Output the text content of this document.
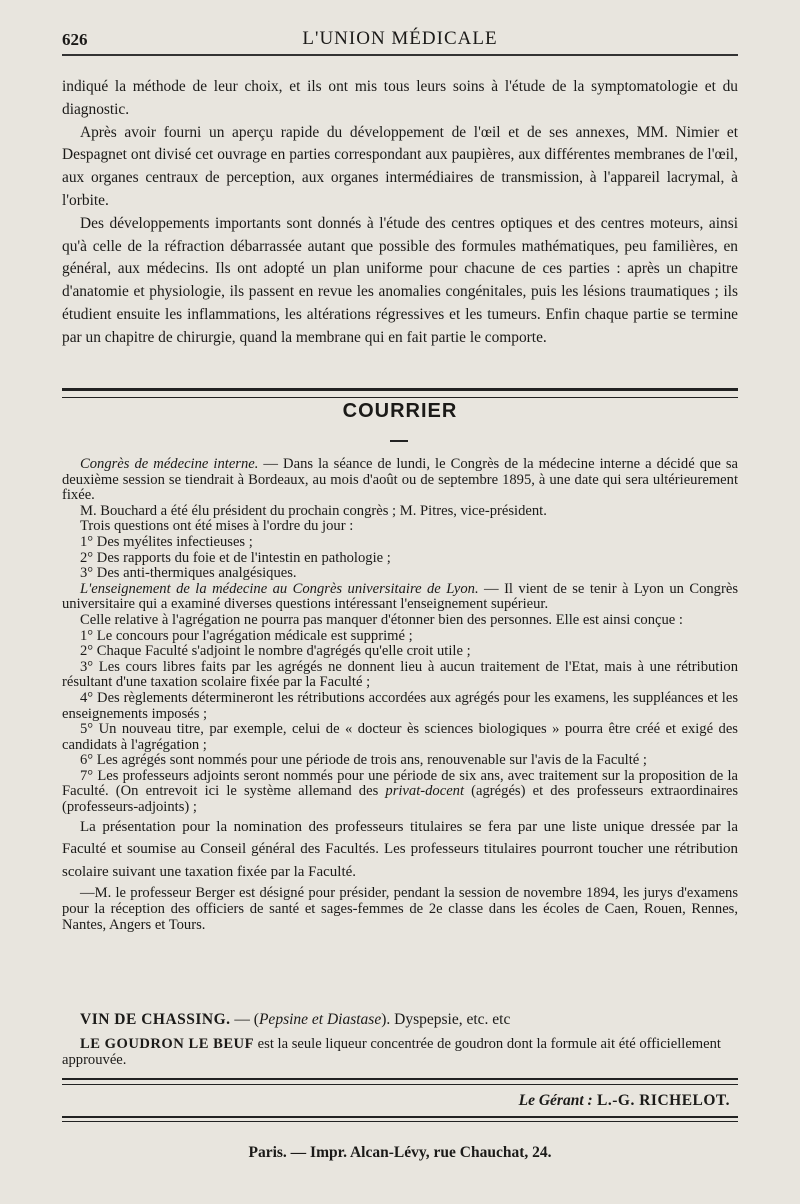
626	L'UNION MÉDICALE

indiqué la méthode de leur choix, et ils ont mis tous leurs soins à l'étude de la symptomatologie et du diagnostic.

Après avoir fourni un aperçu rapide du développement de l'œil et de ses annexes, MM. Nimier et Despagnet ont divisé cet ouvrage en parties correspondant aux paupières, aux différentes membranes de l'œil, aux organes centraux de perception, aux organes intermédiaires de transmission, à l'appareil lacrymal, à l'orbite.

Des développements importants sont donnés à l'étude des centres optiques et des centres moteurs, ainsi qu'à celle de la réfraction débarrassée autant que possible des formules mathématiques, peu familières, en général, aux médecins. Ils ont adopté un plan uniforme pour chacune de ces parties : après un chapitre d'anatomie et physiologie, ils passent en revue les anomalies congénitales, puis les lésions traumatiques ; ils étudient ensuite les inflammations, les altérations régressives et les tumeurs. Enfin chaque partie se termine par un chapitre de chirurgie, quand la membrane qui en fait partie le comporte.

COURRIER

Congrès de médecine interne. — Dans la séance de lundi, le Congrès de la médecine interne a décidé que sa deuxième session se tiendrait à Bordeaux, au mois d'août ou de septembre 1895, à une date qui sera ultérieurement fixée.

M. Bouchard a été élu président du prochain congrès ; M. Pitres, vice-président.

Trois questions ont été mises à l'ordre du jour :

1° Des myélites infectieuses ;

2° Des rapports du foie et de l'intestin en pathologie ;

3° Des anti-thermiques analgésiques.

L'enseignement de la médecine au Congrès universitaire de Lyon. — Il vient de se tenir à Lyon un Congrès universitaire qui a examiné diverses questions intéressant l'enseignement supérieur.

Celle relative à l'agrégation ne pourra pas manquer d'étonner bien des personnes. Elle est ainsi conçue :

1° Le concours pour l'agrégation médicale est supprimé ;

2° Chaque Faculté s'adjoint le nombre d'agrégés qu'elle croit utile ;

3° Les cours libres faits par les agrégés ne donnent lieu à aucun traitement de l'Etat, mais à une rétribution résultant d'une taxation scolaire fixée par la Faculté ;

4° Des règlements détermineront les rétributions accordées aux agrégés pour les examens, les suppléances et les enseignements imposés ;

5° Un nouveau titre, par exemple, celui de « docteur ès sciences biologiques » pourra être créé et exigé des candidats à l'agrégation ;

6° Les agrégés sont nommés pour une période de trois ans, renouvenable sur l'avis de la Faculté ;

7° Les professeurs adjoints seront nommés pour une période de six ans, avec traitement sur la proposition de la Faculté. (On entrevoit ici le système allemand des privat-docent (agrégés) et des professeurs extraordinaires (professeurs-adjoints) ;

La présentation pour la nomination des professeurs titulaires se fera par une liste unique dressée par la Faculté et soumise au Conseil général des Facultés. Les professeurs titulaires pourront toucher une rétribution scolaire suivant une taxation fixée par la Faculté.

—M. le professeur Berger est désigné pour présider, pendant la session de novembre 1894, les jurys d'examens pour la réception des officiers de santé et sages-femmes de 2e classe dans les écoles de Caen, Rouen, Rennes, Nantes, Angers et Tours.

VIN DE CHASSING. — (Pepsine et Diastase). Dyspepsie, etc. etc

LE GOUDRON LE BEUF est la seule liqueur concentrée de goudron dont la formule ait été officiellement approuvée.

Le Gérant : L.-G. RICHELOT.
Paris. — Impr. Alcan-Lévy, rue Chauchat, 24.
